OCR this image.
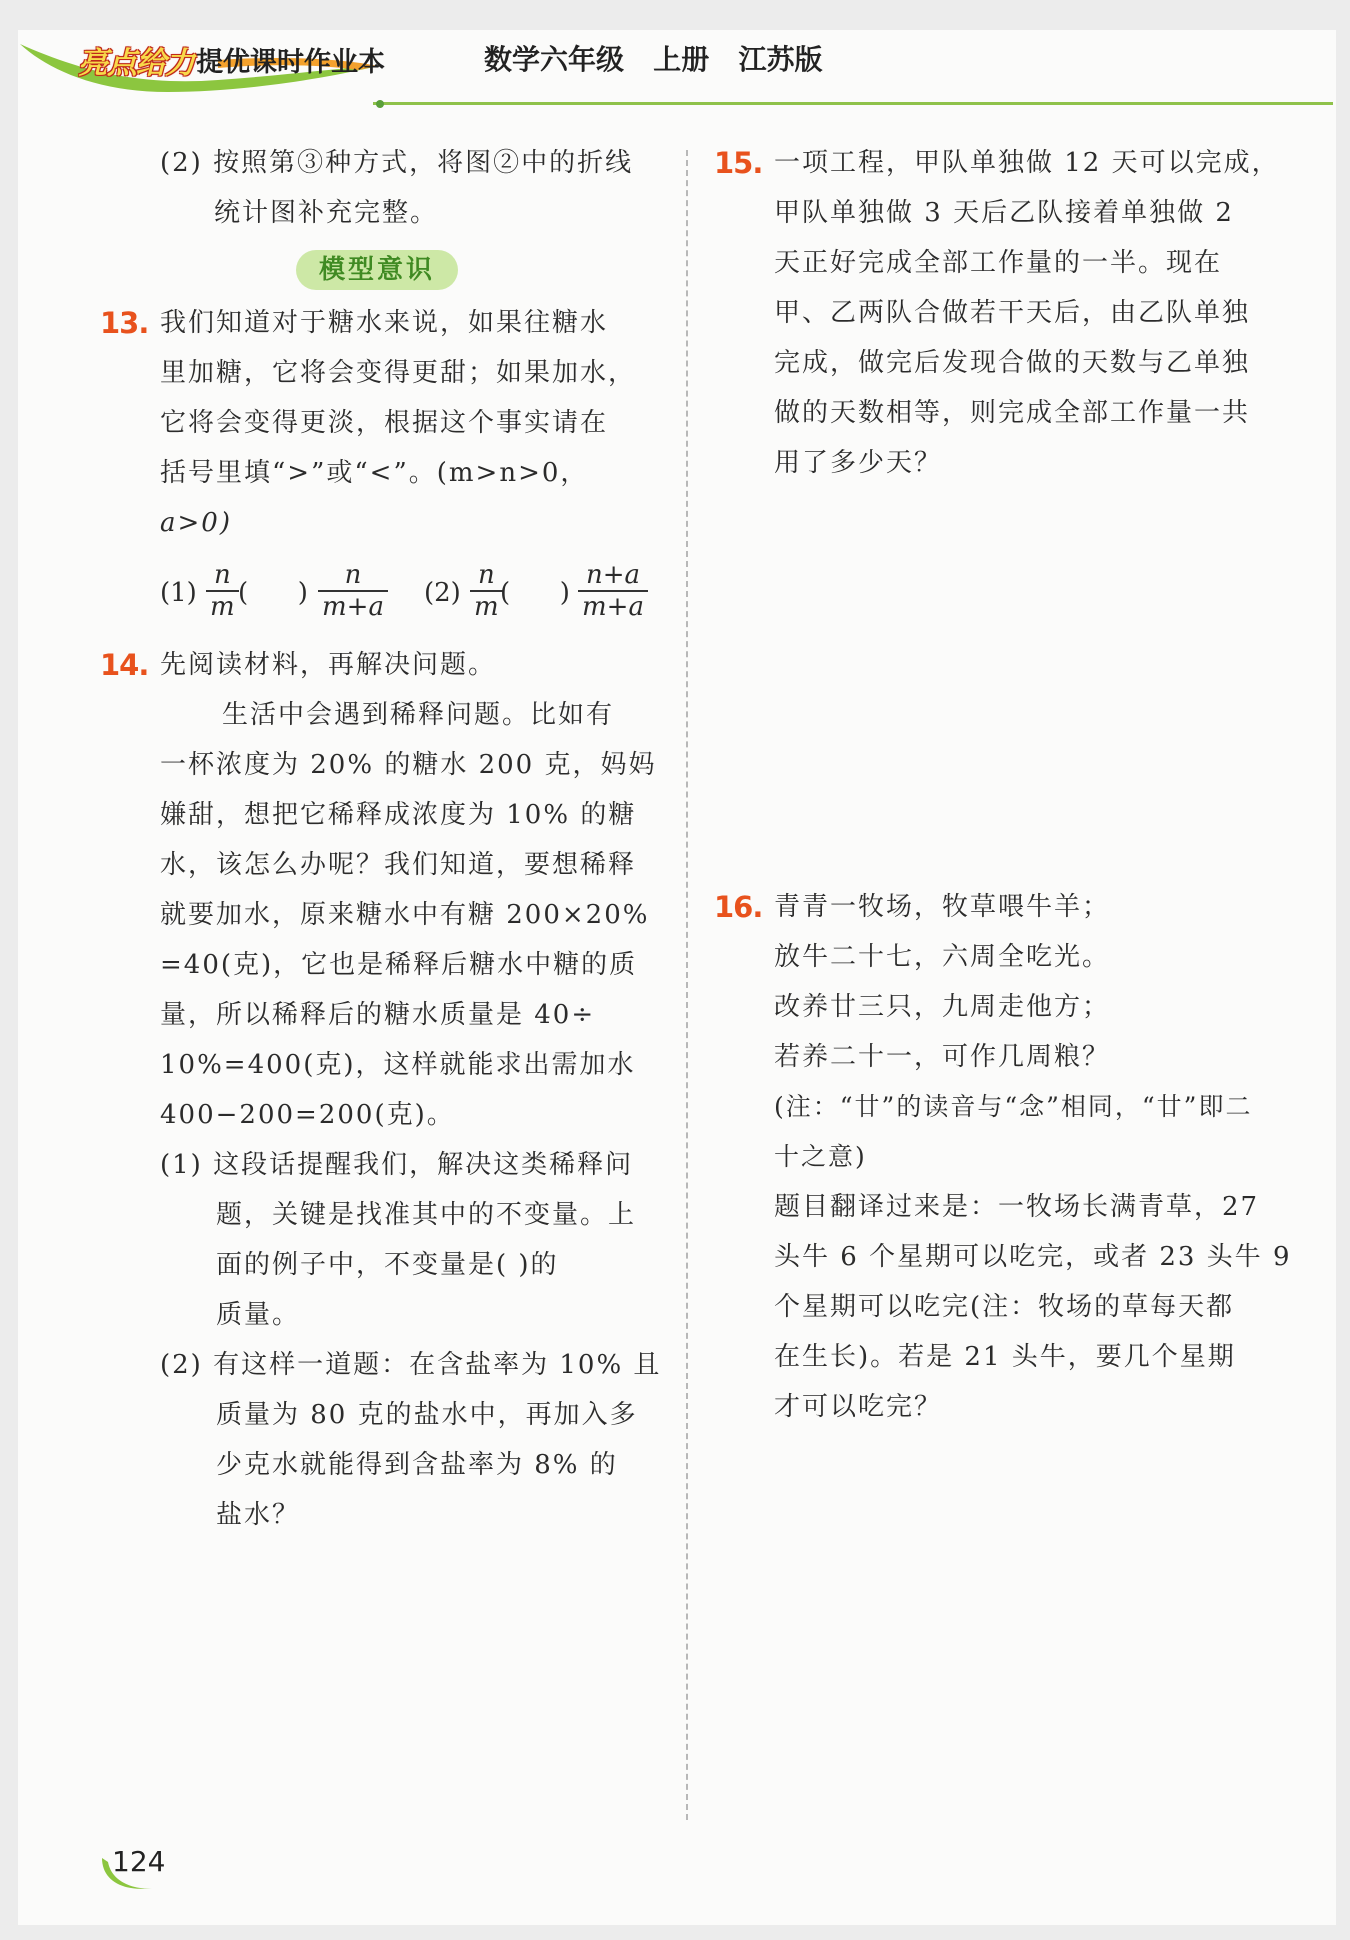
亮点给力 提优课时作业本	数学六年级   上册   江苏版
(2) 按照第③种方式，将图②中的折线
统计图补充完整。
模型意识
13. 我们知道对于糖水来说，如果往糖水
里加糖，它将会变得更甜；如果加水，
它将会变得更淡，根据这个事实请在
括号里填“>”或“<”。(m>n>0，
a>0)
$(1) \frac{n}{m}$ (      ) $\frac{n}{m+a} (2) \frac{n}{m}$
(      ) $\frac{n+a}{m+a}$
14. 先阅读材料，再解决问题。
生活中会遇到稀释问题。比如有
一杯浓度为 20% 的糖水 200 克，妈妈
嫌甜，想把它稀释成浓度为 10% 的糖
水，该怎么办呢？我们知道，要想稀释
就要加水，原来糖水中有糖 200×20%
=40(克)，它也是稀释后糖水中糖的质
量，所以稀释后的糖水质量是 40÷
10%=400(克)，这样就能求出需加水
400−200=200(克)。
(1) 这段话提醒我们，解决这类稀释问
题，关键是找准其中的不变量。上
面的例子中，不变量是( )的
质量。
(2) 有这样一道题：在含盐率为 10% 且
质量为 80 克的盐水中，再加入多
少克水就能得到含盐率为 8% 的
盐水？
15. 一项工程，甲队单独做 12 天可以完成，
甲队单独做 3 天后乙队接着单独做 2
天正好完成全部工作量的一半。现在
甲、乙两队合做若干天后，由乙队单独
完成，做完后发现合做的天数与乙单独
做的天数相等，则完成全部工作量一共
用了多少天？
16. 青青一牧场，牧草喂牛羊；
放牛二十七，六周全吃光。
改养廿三只，九周走他方；
若养二十一，可作几周粮？
(注：“廿”的读音与“念”相同，“廿”即二
十之意)
题目翻译过来是：一牧场长满青草，27
头牛 6 个星期可以吃完，或者 23 头牛 9
个星期可以吃完(注：牧场的草每天都
在生长)。若是 21 头牛，要几个星期
才可以吃完？
124
